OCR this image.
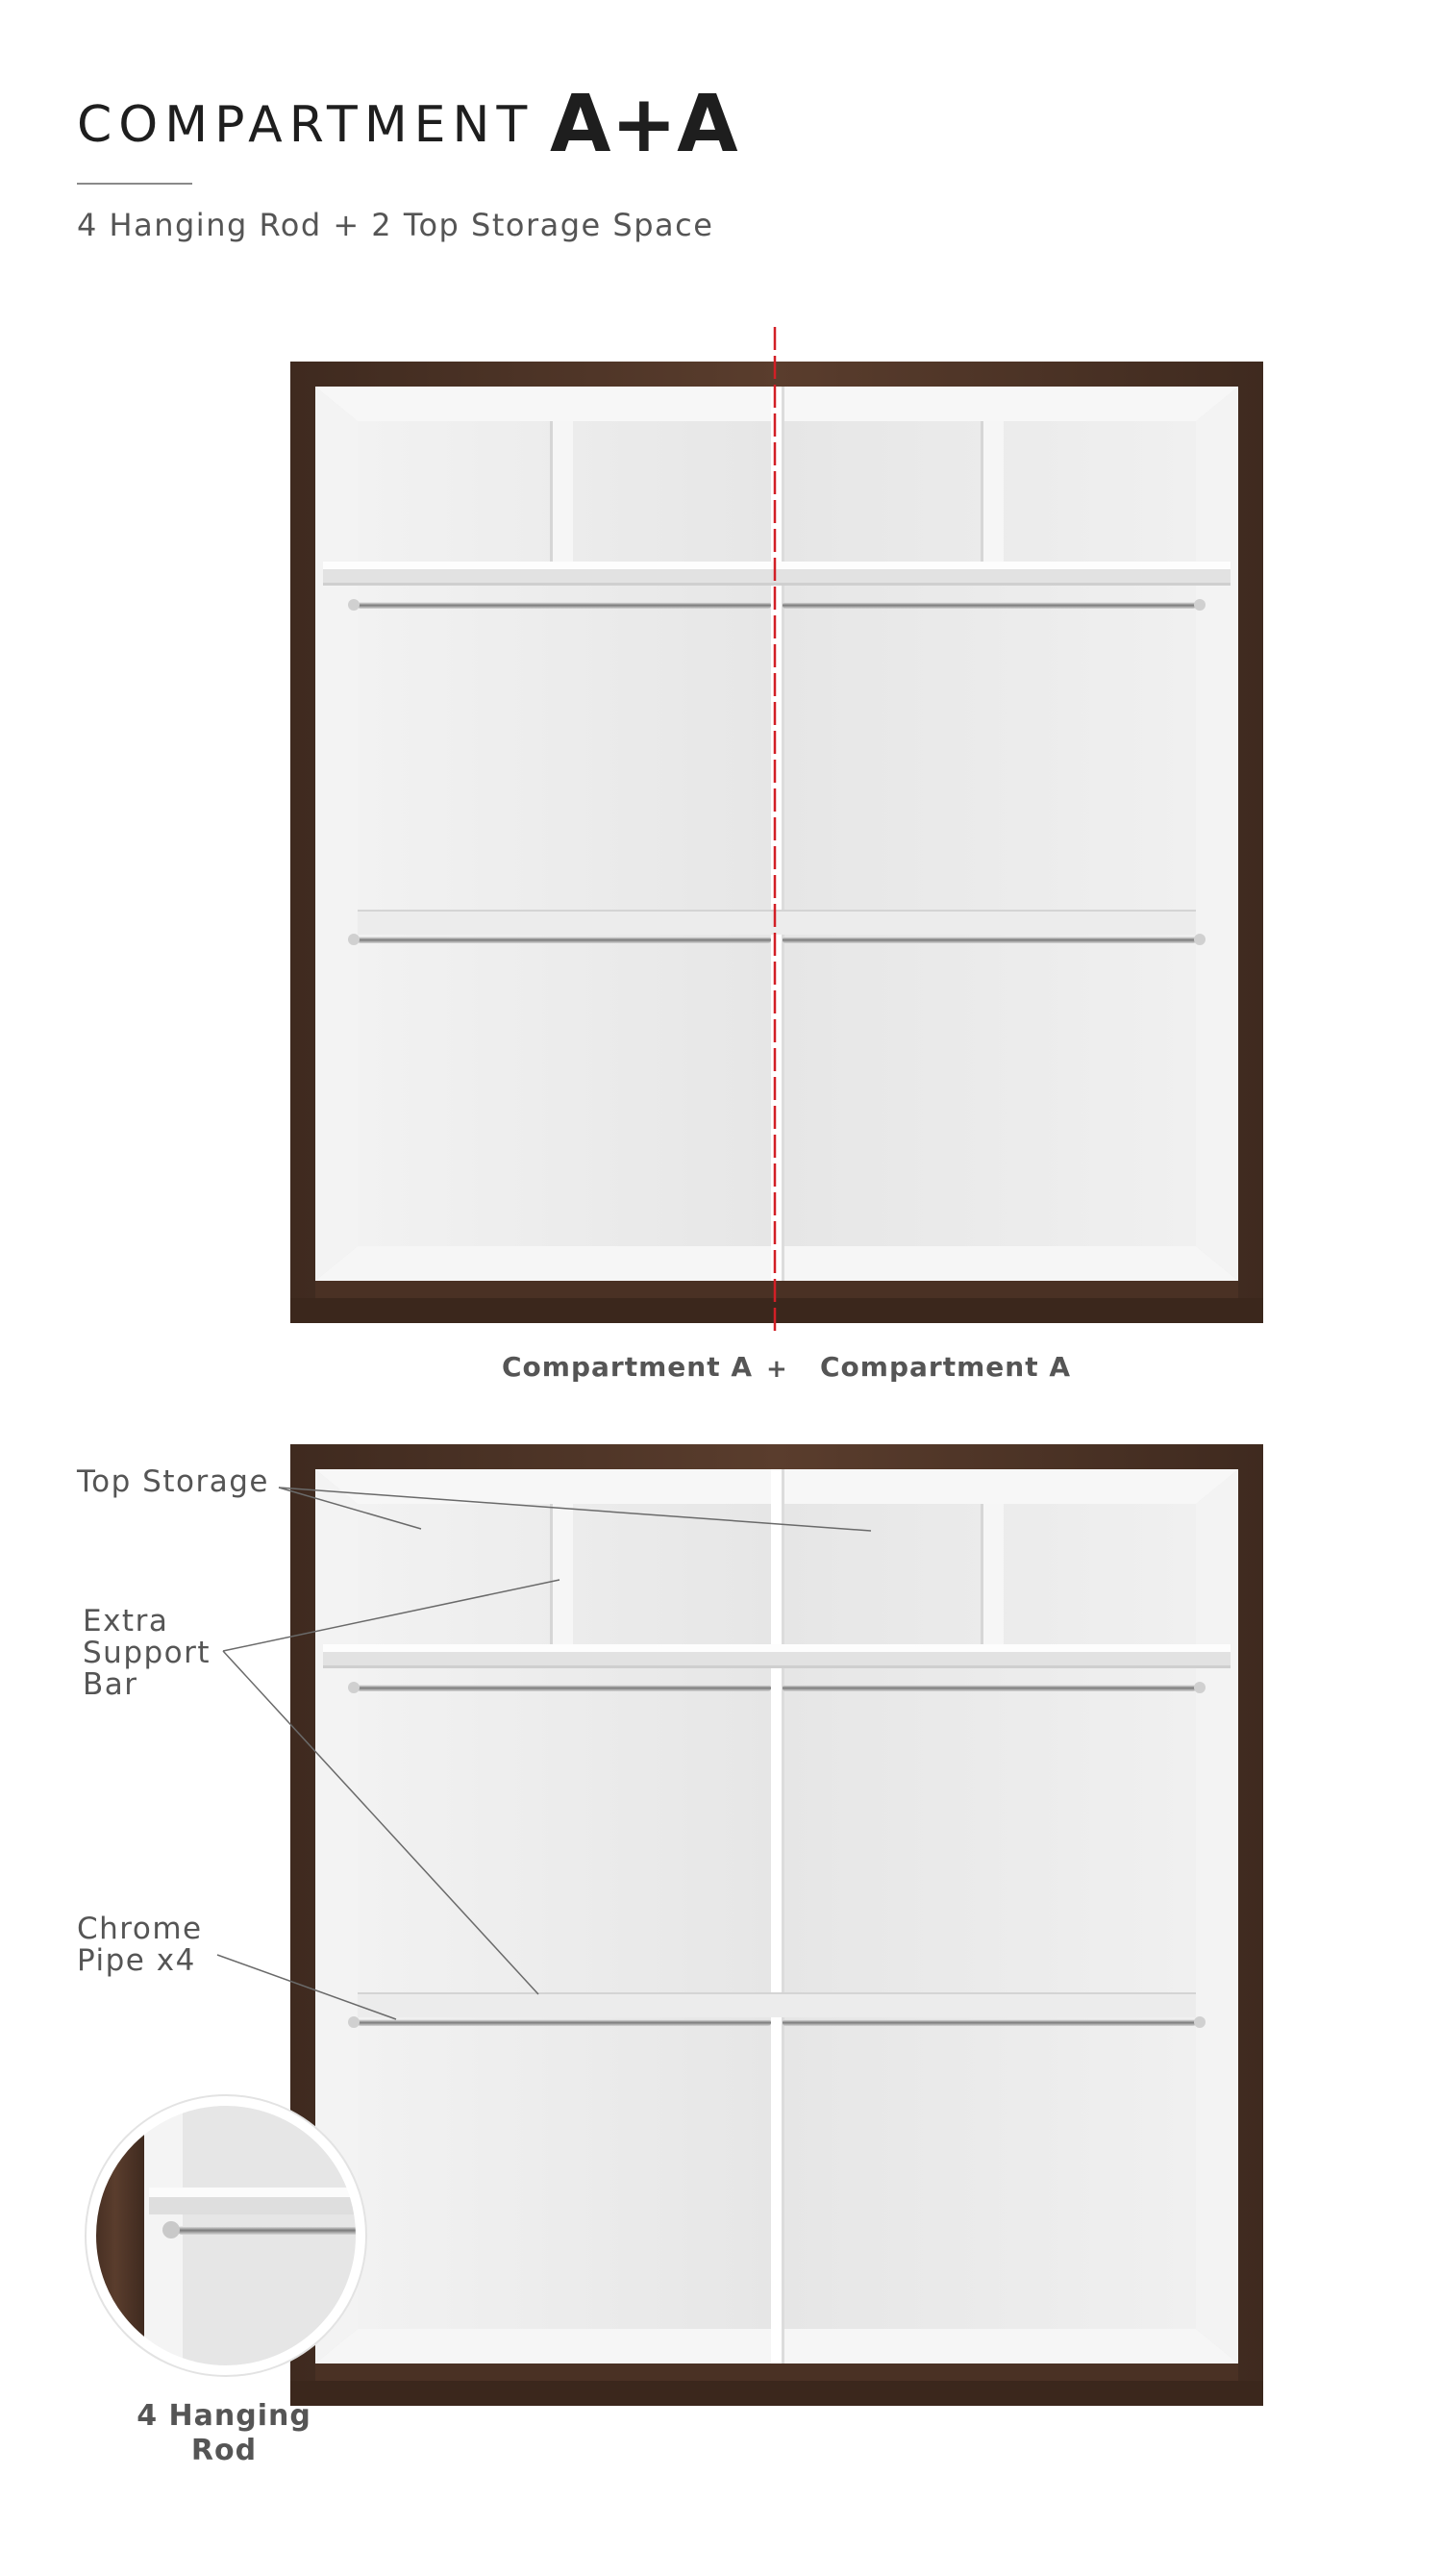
COMPARTMENT A+A
4 Hanging Rod + 2 Top Storage Space
Compartment A + Compartment A
Top Storage
Extra
Support
Bar
Chrome
Pipe x4
4 Hanging
Rod
